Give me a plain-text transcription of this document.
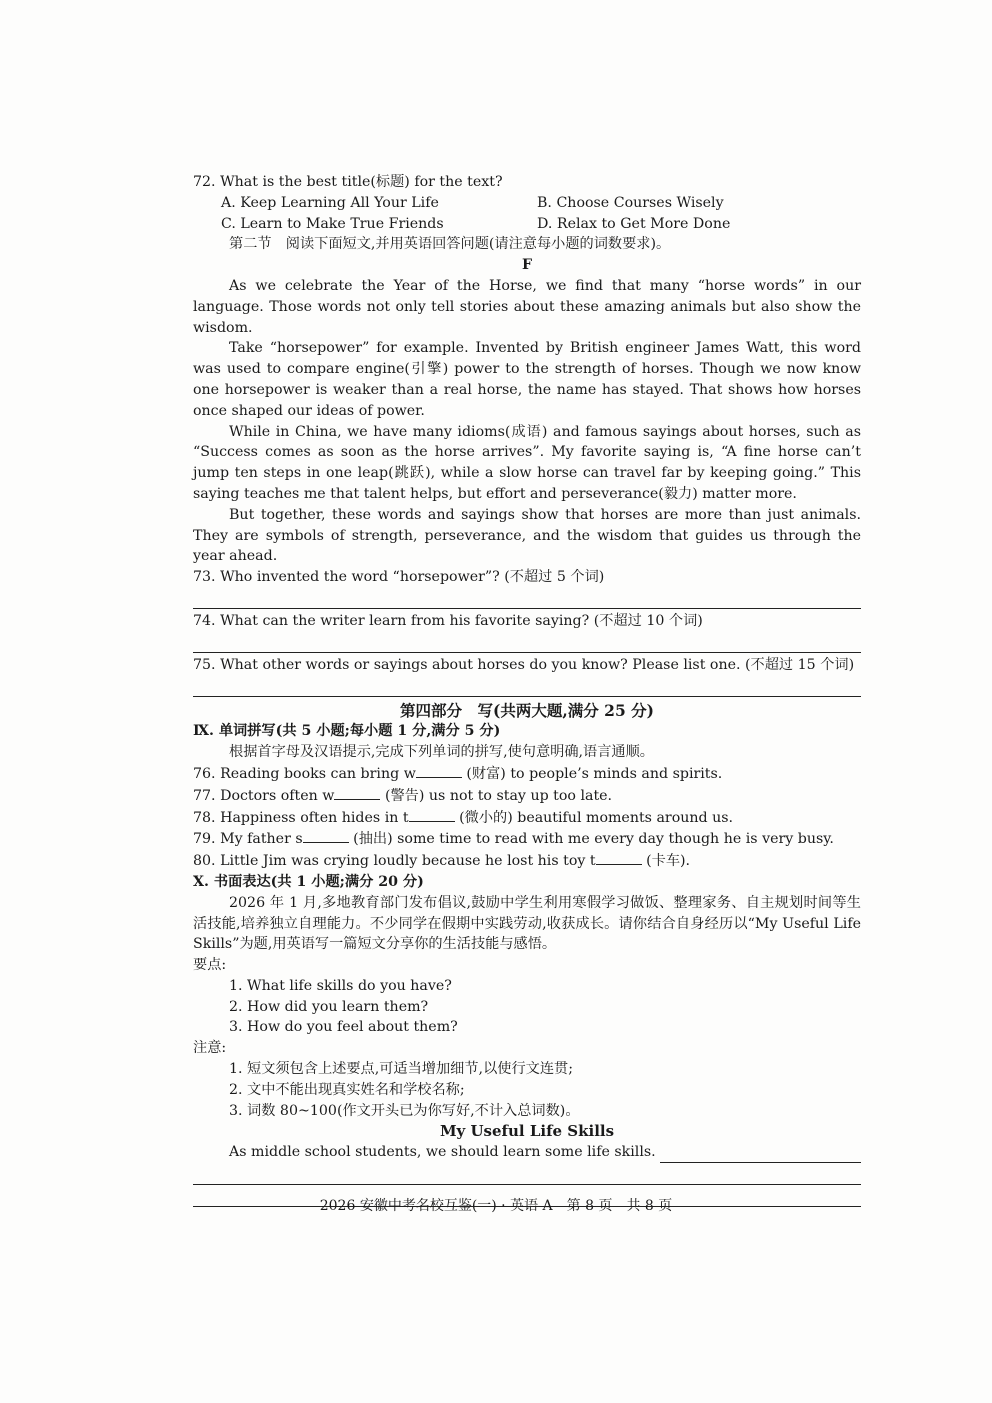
72. What is the best title(标题) for the text?
A. Keep Learning All Your Life	B. Choose Courses Wisely
C. Learn to Make True Friends	D. Relax to Get More Done
第二节　阅读下面短文,并用英语回答问题(请注意每小题的词数要求)。
F

As we celebrate the Year of the Horse, we find that many “horse words” in our language. Those words not only tell stories about these amazing animals but also show the wisdom.

Take “horsepower” for example. Invented by British engineer James Watt, this word was used to compare engine(引擎) power to the strength of horses. Though we now know one horsepower is weaker than a real horse, the name has stayed. That shows how horses once shaped our ideas of power.

While in China, we have many idioms(成语) and famous sayings about horses, such as “Success comes as soon as the horse arrives”. My favorite saying is, “A fine horse can’t jump ten steps in one leap(跳跃), while a slow horse can travel far by keeping going.” This saying teaches me that talent helps, but effort and perseverance(毅力) matter more.

But together, these words and sayings show that horses are more than just animals. They are symbols of strength, perseverance, and the wisdom that guides us through the year ahead.

73. Who invented the word “horsepower”? (不超过 5 个词)
74. What can the writer learn from his favorite saying? (不超过 10 个词)
75. What other words or sayings about horses do you know? Please list one. (不超过 15 个词)
第四部分　写(共两大题,满分 25 分)
Ⅸ. 单词拼写(共 5 小题;每小题 1 分,满分 5 分)
根据首字母及汉语提示,完成下列单词的拼写,使句意明确,语言通顺。
76. Reading books can bring w	(财富) to people’s minds and spirits.
77. Doctors often w	(警告) us not to stay up too late.
78. Happiness often hides in t	(微小的) beautiful moments around us.
79. My father s	(抽出) some time to read with me every day though he is very busy.
80. Little Jim was crying loudly because he lost his toy t	(卡车).
Ⅹ. 书面表达(共 1 小题;满分 20 分)

2026 年 1 月,多地教育部门发布倡议,鼓励中学生利用寒假学习做饭、整理家务、自主规划时间等生活技能,培养独立自理能力。不少同学在假期中实践劳动,收获成长。请你结合自身经历以“My Useful Life Skills”为题,用英语写一篇短文分享你的生活技能与感悟。

要点:
1. What life skills do you have?
2. How did you learn them?
3. How do you feel about them?
注意:
1. 短文须包含上述要点,可适当增加细节,以使行文连贯;
2. 文中不能出现真实姓名和学校名称;
3. 词数 80~100(作文开头已为你写好,不计入总词数)。
My Useful Life Skills
As middle school students, we should learn some life skills.
2026 安徽中考名校互鉴(一) · 英语 A　第 8 页　共 8 页
